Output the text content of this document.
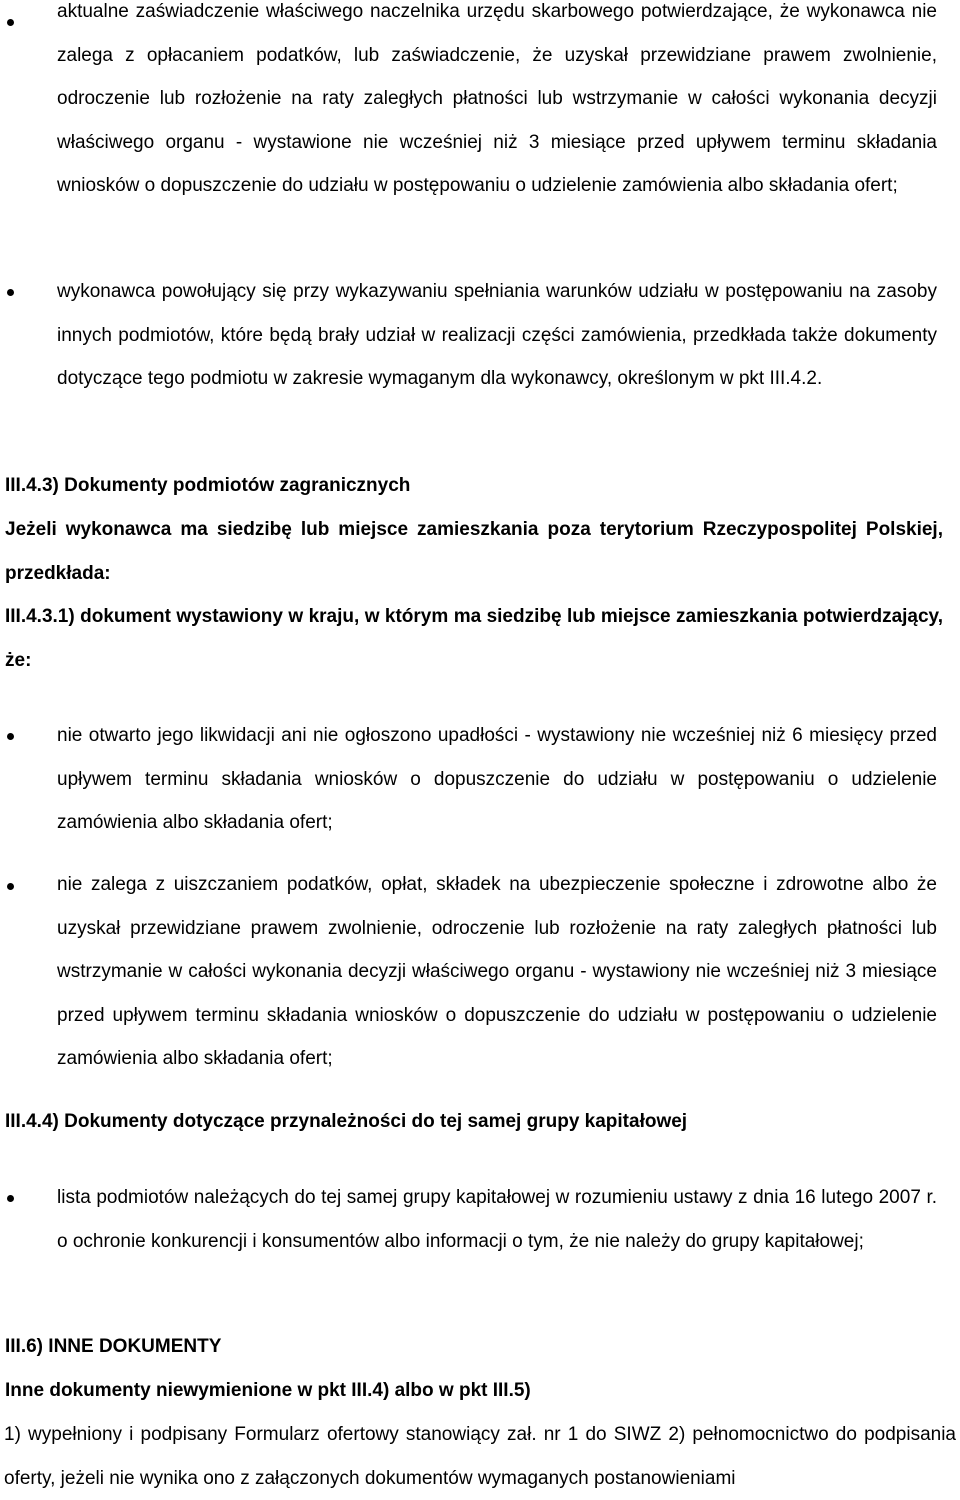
aktualne zaświadczenie właściwego naczelnika urzędu skarbowego potwierdzające, że wykonawca nie zalega z opłacaniem podatków, lub zaświadczenie, że uzyskał przewidziane prawem zwolnienie, odroczenie lub rozłożenie na raty zaległych płatności lub wstrzymanie w całości wykonania decyzji właściwego organu - wystawione nie wcześniej niż 3 miesiące przed upływem terminu składania wniosków o dopuszczenie do udziału w postępowaniu o udzielenie zamówienia albo składania ofert;
wykonawca powołujący się przy wykazywaniu spełniania warunków udziału w postępowaniu na zasoby innych podmiotów, które będą brały udział w realizacji części zamówienia, przedkłada także dokumenty dotyczące tego podmiotu w zakresie wymaganym dla wykonawcy, określonym w pkt III.4.2.
III.4.3) Dokumenty podmiotów zagranicznych
Jeżeli wykonawca ma siedzibę lub miejsce zamieszkania poza terytorium Rzeczypospolitej Polskiej, przedkłada:
III.4.3.1) dokument wystawiony w kraju, w którym ma siedzibę lub miejsce zamieszkania potwierdzający, że:
nie otwarto jego likwidacji ani nie ogłoszono upadłości - wystawiony nie wcześniej niż 6 miesięcy przed upływem terminu składania wniosków o dopuszczenie do udziału w postępowaniu o udzielenie zamówienia albo składania ofert;
nie zalega z uiszczaniem podatków, opłat, składek na ubezpieczenie społeczne i zdrowotne albo że uzyskał przewidziane prawem zwolnienie, odroczenie lub rozłożenie na raty zaległych płatności lub wstrzymanie w całości wykonania decyzji właściwego organu - wystawiony nie wcześniej niż 3 miesiące przed upływem terminu składania wniosków o dopuszczenie do udziału w postępowaniu o udzielenie zamówienia albo składania ofert;
III.4.4) Dokumenty dotyczące przynależności do tej samej grupy kapitałowej
lista podmiotów należących do tej samej grupy kapitałowej w rozumieniu ustawy z dnia 16 lutego 2007 r. o ochronie konkurencji i konsumentów albo informacji o tym, że nie należy do grupy kapitałowej;
III.6) INNE DOKUMENTY
Inne dokumenty niewymienione w pkt III.4) albo w pkt III.5)
1) wypełniony i podpisany Formularz ofertowy stanowiący zał. nr 1 do SIWZ 2) pełnomocnictwo do podpisania oferty, jeżeli nie wynika ono z załączonych dokumentów wymaganych postanowieniami
